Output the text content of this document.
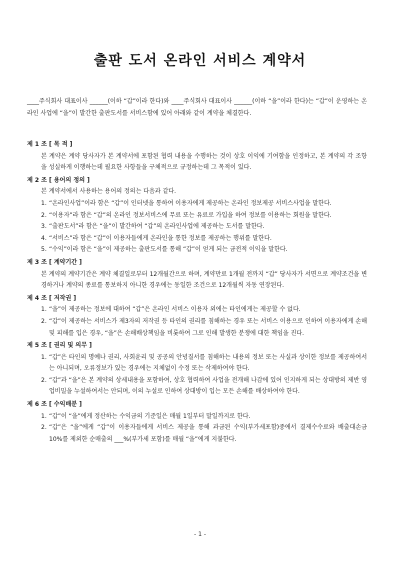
출판 도서 온라인 서비스 계약서
____주식회사 대표이사 ______(이하 “갑”이라 한다)와 ____주식회사 대표이사 ______(이하 “을”이라 한다)는 “갑”이 운영하는 온라인 사업에 “을”이 발간한 출판도서를 서비스함에 있어 아래와 같이 계약을 체결한다.
제 1 조 [ 목 적 ]
본 계약은 계약 당사자가 본 계약서에 포함된 협력 내용을 수행하는 것이 상호 이익에 기여함을 인정하고, 본 계약의 각 조항을 성실하게 이행하는데 필요한 사항들을 구체적으로 규정하는데 그 목적이 있다.
제 2 조 [ 용어의 정의 ]
본 계약서에서 사용하는 용어의 정의는 다음과 같다.
1. “온라인사업”이라 함은 “갑”이 인터넷을 통하여 이용자에게 제공하는 온라인 정보제공 서비스사업을 말한다.
2. “이용자”라 함은 “갑”의 온라인 정보서비스에 무료 또는 유료로 가입을 하여 정보를 이용하는 회원을 말한다.
3. “출판도서”라 함은 “을”이 발간하여 “갑”의 온라인사업에 제공하는 도서를 말한다.
4. “서비스”라 함은 “갑”이 이용자들에게 온라인을 통한 정보를 제공하는 행위를 말한다.
5. “수익”이라 함은 “을”이 제공하는 출판도서를 통해 “갑”이 얻게 되는 금전적 이익을 말한다.
제 3 조 [ 계약기간 ]
본 계약의 계약기간은 계약 체결일로부터 12개월간으로 하며, 계약만료 1개월 전까지 “갑” 당사자가 서면으로 계약조건을 변경하거나 계약의 종료를 통보하지 아니한 경우에는 동일한 조건으로 12개월씩 자동 연장된다.
제 4 조 [ 저작권 ]
1. “을”이 제공하는 정보에 대하여 “갑”은 온라인 서비스 이용자 외에는 타인에게는 제공할 수 없다.
2. “갑”이 제공하는 서비스가 제3자의 저작권 등 타인의 권리를 침해하는 경우 또는 서비스 이용으로 인하여 이용자에게 손해 및 피해를 입은 경우, “을”은 손해배상책임을 비롯하여 그로 인해 발생한 분쟁에 대한 책임을 진다.
제 5 조 [ 권리 및 의무 ]
1. “갑”은 타인의 명예나 권리, 사회윤리 및 공공의 안녕질서를 침해하는 내용의 정보 또는 사실과 상이한 정보를 제공하여서는 아니되며, 오류정보가 있는 경우에는 지체없이 수정 또는 삭제하여야 한다.
2. “갑”과 “을”은 본 계약의 상세내용을 포함하여, 상호 협력하여 사업을 전개해 나감에 있어 인지하게 되는 상대방의 제반 영업비밀을 누설하여서는 안되며, 이의 누설로 인하여 상대방이 입는 모든 손해를 배상하여야 한다.
제 6 조 [ 수익배분 ]
1. “갑”이 “을”에게 정산하는 수익금의 기준일은 매월 1일부터 말일까지로 한다.
2. “갑”은 “을”에게 “갑”이 이용자들에게 서비스 제공을 통해 과금된 수익(부가세포함)중에서 결제수수료와 배출대손금 10%를 제외한 순매출의 ___%(부가세 포함)를 매월 “을”에게 지불한다.
- 1 -
